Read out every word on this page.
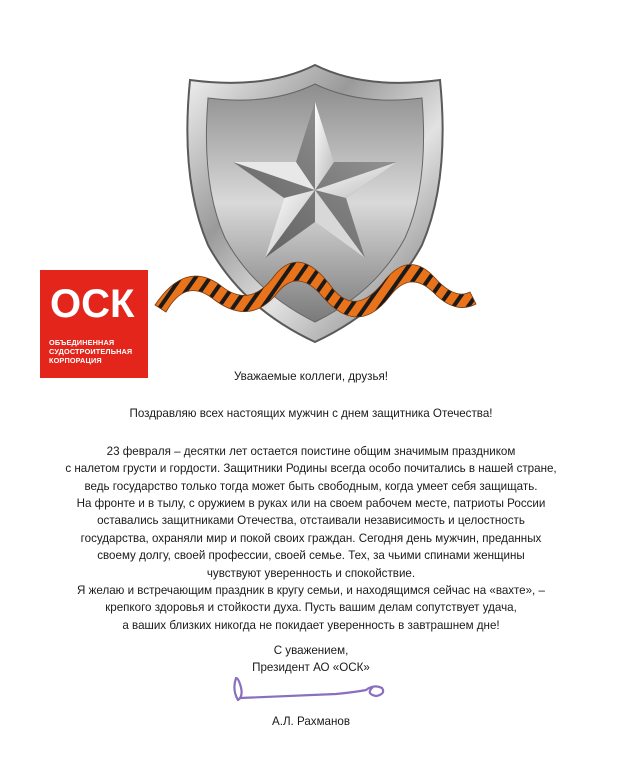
ОСК
ОБЪЕДИНЕННАЯ
СУДОСТРОИТЕЛЬНАЯ
КОРПОРАЦИЯ

Уважаемые коллеги, друзья!

Поздравляю всех настоящих мужчин с днем защитника Отечества!

23 февраля – десятки лет остается поистине общим значимым праздником

с налетом грусти и гордости. Защитники Родины всегда особо почитались в нашей стране,

ведь государство только тогда может быть свободным, когда умеет себя защищать.

На фронте и в тылу, с оружием в руках или на своем рабочем месте, патриоты России

оставались защитниками Отечества, отстаивали независимость и целостность

государства, охраняли мир и покой своих граждан. Сегодня день мужчин, преданных

своему долгу, своей профессии, своей семье. Тех, за чьими спинами женщины

чувствуют уверенность и спокойствие.

Я желаю и встречающим праздник в кругу семьи, и находящимся сейчас на «вахте», –

крепкого здоровья и стойкости духа. Пусть вашим делам сопутствует удача,

а ваших близких никогда не покидает уверенность в завтрашнем дне!

С уважением,

Президент АО «ОСК»

А.Л. Рахманов
